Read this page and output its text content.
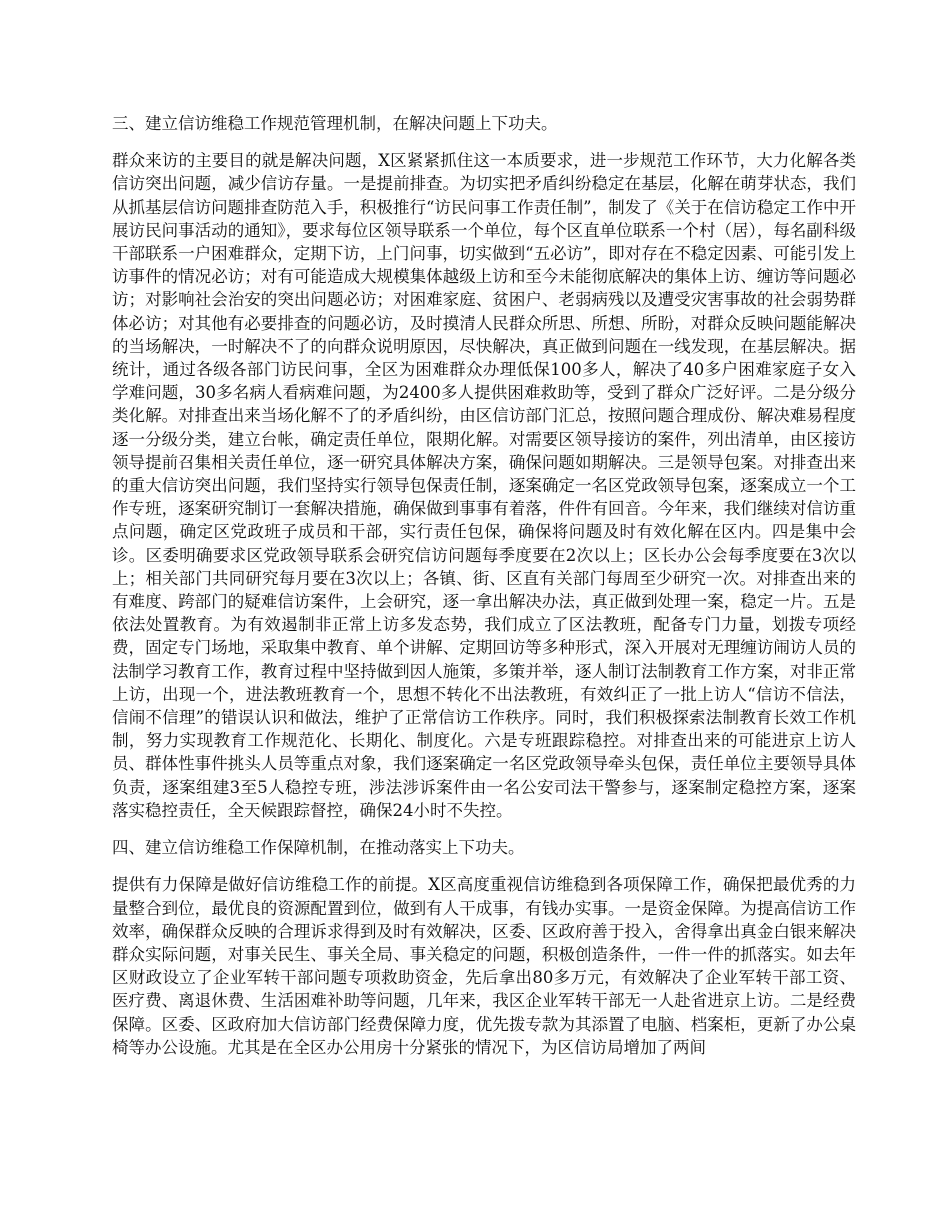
三、建立信访维稳工作规范管理机制，在解决问题上下功夫。

群众来访的主要目的就是解决问题，X区紧紧抓住这一本质要求，进一步规范工作环节，大力化解各类信访突出问题，减少信访存量。一是提前排查。为切实把矛盾纠纷稳定在基层，化解在萌芽状态，我们从抓基层信访问题排查防范入手，积极推行“访民问事工作责任制”，制发了《关于在信访稳定工作中开展访民问事活动的通知》，要求每位区领导联系一个单位，每个区直单位联系一个村（居），每名副科级干部联系一户困难群众，定期下访，上门问事，切实做到“五必访”，即对存在不稳定因素、可能引发上访事件的情况必访；对有可能造成大规模集体越级上访和至今未能彻底解决的集体上访、缠访等问题必访；对影响社会治安的突出问题必访；对困难家庭、贫困户、老弱病残以及遭受灾害事故的社会弱势群体必访；对其他有必要排查的问题必访，及时摸清人民群众所思、所想、所盼，对群众反映问题能解决的当场解决，一时解决不了的向群众说明原因，尽快解决，真正做到问题在一线发现，在基层解决。据统计，通过各级各部门访民问事，全区为困难群众办理低保100多人，解决了40多户困难家庭子女入学难问题，30多名病人看病难问题，为2400多人提供困难救助等，受到了群众广泛好评。二是分级分类化解。对排查出来当场化解不了的矛盾纠纷，由区信访部门汇总，按照问题合理成份、解决难易程度逐一分级分类，建立台帐，确定责任单位，限期化解。对需要区领导接访的案件，列出清单，由区接访领导提前召集相关责任单位，逐一研究具体解决方案，确保问题如期解决。三是领导包案。对排查出来的重大信访突出问题，我们坚持实行领导包保责任制，逐案确定一名区党政领导包案，逐案成立一个工作专班，逐案研究制订一套解决措施，确保做到事事有着落，件件有回音。今年来，我们继续对信访重点问题，确定区党政班子成员和干部，实行责任包保，确保将问题及时有效化解在区内。四是集中会诊。区委明确要求区党政领导联系会研究信访问题每季度要在2次以上；区长办公会每季度要在3次以上；相关部门共同研究每月要在3次以上；各镇、街、区直有关部门每周至少研究一次。对排查出来的有难度、跨部门的疑难信访案件，上会研究，逐一拿出解决办法，真正做到处理一案，稳定一片。五是依法处置教育。为有效遏制非正常上访多发态势，我们成立了区法教班，配备专门力量，划拨专项经费，固定专门场地，采取集中教育、单个讲解、定期回访等多种形式，深入开展对无理缠访闹访人员的法制学习教育工作，教育过程中坚持做到因人施策，多策并举，逐人制订法制教育工作方案，对非正常上访，出现一个，进法教班教育一个，思想不转化不出法教班，有效纠正了一批上访人“信访不信法，信闹不信理”的错误认识和做法，维护了正常信访工作秩序。同时，我们积极探索法制教育长效工作机制，努力实现教育工作规范化、长期化、制度化。六是专班跟踪稳控。对排查出来的可能进京上访人员、群体性事件挑头人员等重点对象，我们逐案确定一名区党政领导牵头包保，责任单位主要领导具体负责，逐案组建3至5人稳控专班，涉法涉诉案件由一名公安司法干警参与，逐案制定稳控方案，逐案落实稳控责任，全天候跟踪督控，确保24小时不失控。

四、建立信访维稳工作保障机制，在推动落实上下功夫。

提供有力保障是做好信访维稳工作的前提。X区高度重视信访维稳到各项保障工作，确保把最优秀的力量整合到位，最优良的资源配置到位，做到有人干成事，有钱办实事。一是资金保障。为提高信访工作效率，确保群众反映的合理诉求得到及时有效解决，区委、区政府善于投入，舍得拿出真金白银来解决群众实际问题，对事关民生、事关全局、事关稳定的问题，积极创造条件，一件一件的抓落实。如去年区财政设立了企业军转干部问题专项救助资金，先后拿出80多万元，有效解决了企业军转干部工资、医疗费、离退休费、生活困难补助等问题，几年来，我区企业军转干部无一人赴省进京上访。二是经费保障。区委、区政府加大信访部门经费保障力度，优先拨专款为其添置了电脑、档案柜，更新了办公桌椅等办公设施。尤其是在全区办公用房十分紧张的情况下，为区信访局增加了两间
